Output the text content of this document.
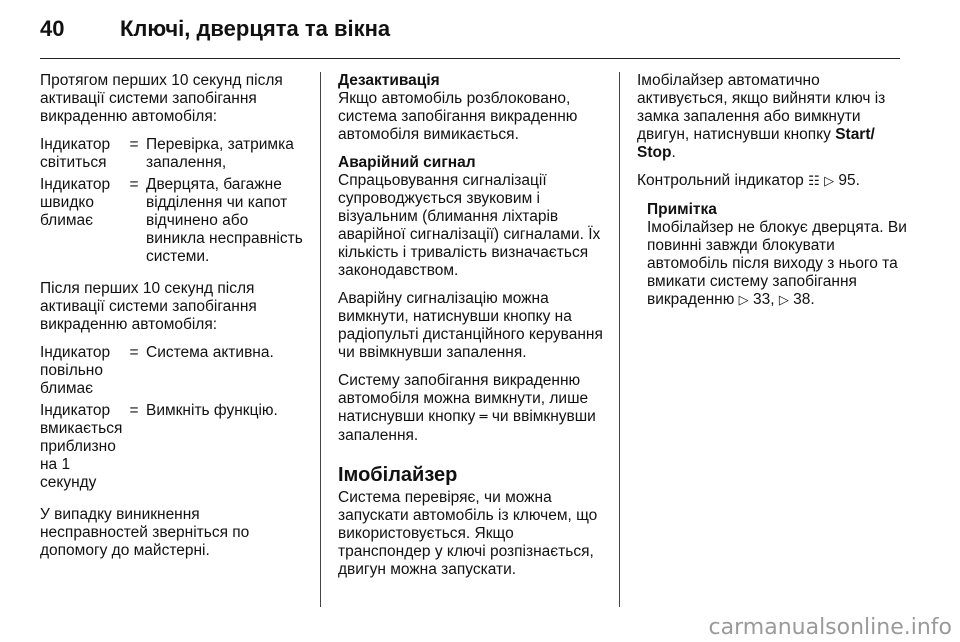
40	Ключі, дверцята та вікна

Протягом перших 10 секунд після активації системи запобігання викраденню автомобіля:

Індикатор світиться
= Перевірка, затримка запалення,
Індикатор швидко блимає
= Дверцята, багажне відділення чи капот відчинено або виникла несправність системи.

Після перших 10 секунд після активації системи запобігання викраденню автомобіля:

Індикатор повільно блимає
= Система активна.
Індикатор вмикається приблизно на 1 секунду
= Вимкніть функцію.

У випадку виникнення несправностей зверніться по допомогу до майстерні.

Дезактивація

Якщо автомобіль розблоковано, система запобігання викраденню автомобіля вимикається.

Аварійний сигнал

Спрацьовування сигналізації супроводжується звуковим і візуальним (блимання ліхтарів аварійної сигналізації) сигналами. Їх кількість і тривалість визначається законодавством.

Аварійну сигналізацію можна вимкнути, натиснувши кнопку на радіопульті дистанційного керування чи ввімкнувши запалення.

Систему запобігання викраденню автомобіля можна вимкнути, лише натиснувши кнопку ═ чи ввімкнувши запалення.

Імобілайзер

Система перевіряє, чи можна запускати автомобіль із ключем, що використовується. Якщо транспондер у ключі розпізнається, двигун можна запускати.

Імобілайзер автоматично активується, якщо вийняти ключ із замка запалення або вимкнути двигун, натиснувши кнопку Start/ Stop.

Контрольний індикатор ☷ ▷ 95.

Примітка

Імобілайзер не блокує дверцята. Ви повинні завжди блокувати автомобіль після виходу з нього та вмикати систему запобігання викраденню ▷ 33, ▷ 38.

carmanualsonline.info
